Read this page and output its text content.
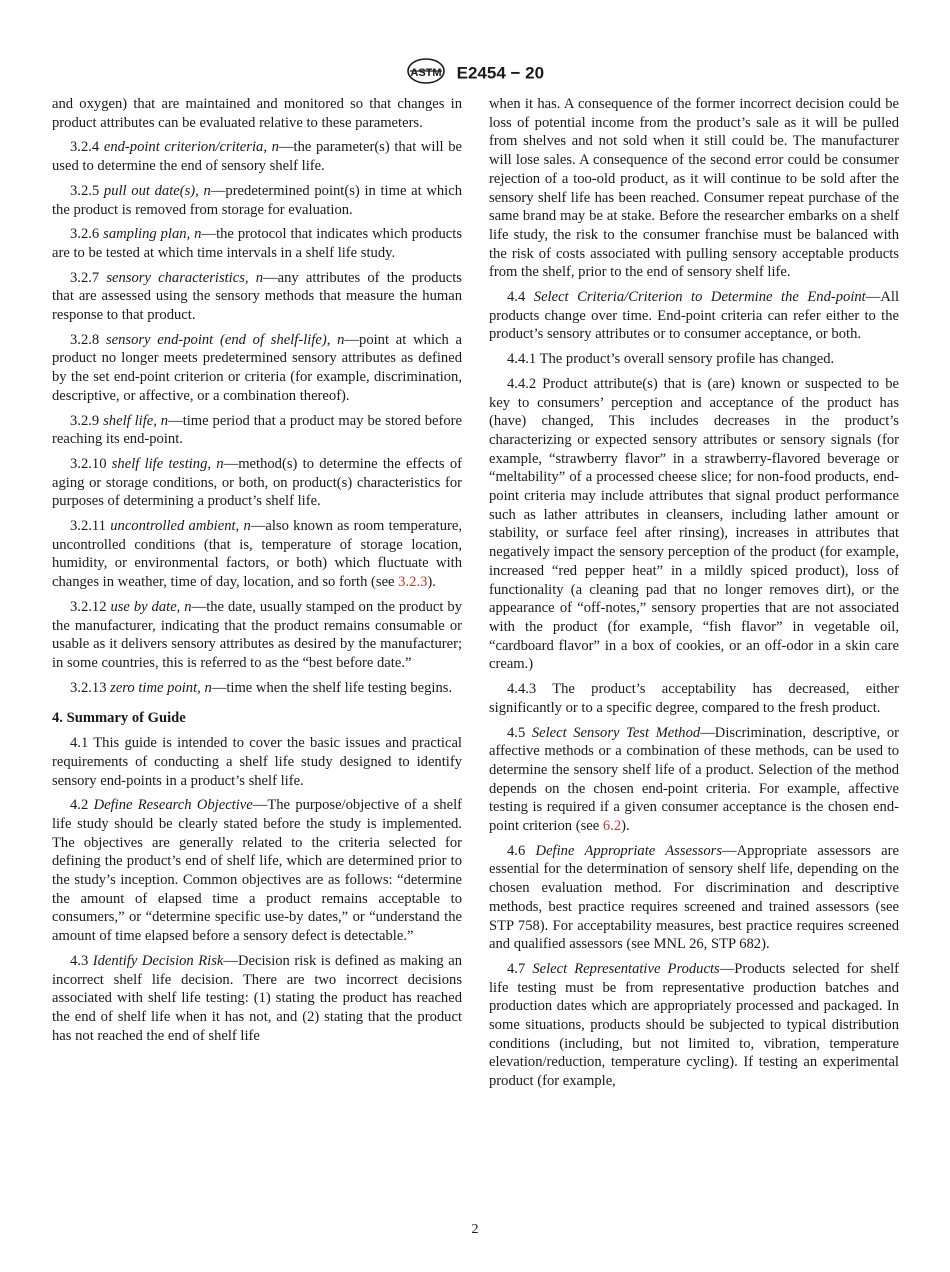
ASTM E2454 − 20

and oxygen) that are maintained and monitored so that changes in product attributes can be evaluated relative to these parameters.

3.2.4 end-point criterion/criteria, n—the parameter(s) that will be used to determine the end of sensory shelf life.

3.2.5 pull out date(s), n—predetermined point(s) in time at which the product is removed from storage for evaluation.

3.2.6 sampling plan, n—the protocol that indicates which products are to be tested at which time intervals in a shelf life study.

3.2.7 sensory characteristics, n—any attributes of the products that are assessed using the sensory methods that measure the human response to that product.

3.2.8 sensory end-point (end of shelf-life), n—point at which a product no longer meets predetermined sensory attributes as defined by the set end-point criterion or criteria (for example, discrimination, descriptive, or affective, or a combination thereof).

3.2.9 shelf life, n—time period that a product may be stored before reaching its end-point.

3.2.10 shelf life testing, n—method(s) to determine the effects of aging or storage conditions, or both, on product(s) characteristics for purposes of determining a product’s shelf life.

3.2.11 uncontrolled ambient, n—also known as room temperature, uncontrolled conditions (that is, temperature of storage location, humidity, or environmental factors, or both) which fluctuate with changes in weather, time of day, location, and so forth (see 3.2.3).

3.2.12 use by date, n—the date, usually stamped on the product by the manufacturer, indicating that the product remains consumable or usable as it delivers sensory attributes as desired by the manufacturer; in some countries, this is referred to as the “best before date.”

3.2.13 zero time point, n—time when the shelf life testing begins.

4. Summary of Guide

4.1 This guide is intended to cover the basic issues and practical requirements of conducting a shelf life study designed to identify sensory end-points in a product’s shelf life.

4.2 Define Research Objective—The purpose/objective of a shelf life study should be clearly stated before the study is implemented. The objectives are generally related to the criteria selected for defining the product’s end of shelf life, which are determined prior to the study’s inception. Common objectives are as follows: “determine the amount of elapsed time a product remains acceptable to consumers,” or “determine specific use-by dates,” or “understand the amount of time elapsed before a sensory defect is detectable.”

4.3 Identify Decision Risk—Decision risk is defined as making an incorrect shelf life decision. There are two incorrect decisions associated with shelf life testing: (1) stating the product has reached the end of shelf life when it has not, and (2) stating that the product has not reached the end of shelf life

when it has. A consequence of the former incorrect decision could be loss of potential income from the product’s sale as it will be pulled from shelves and not sold when it still could be. The manufacturer will lose sales. A consequence of the second error could be consumer rejection of a too-old product, as it will continue to be sold after the sensory shelf life has been reached. Consumer repeat purchase of the same brand may be at stake. Before the researcher embarks on a shelf life study, the risk to the consumer franchise must be balanced with the risk of costs associated with pulling sensory acceptable products from the shelf, prior to the end of sensory shelf life.

4.4 Select Criteria/Criterion to Determine the End-point—All products change over time. End-point criteria can refer either to the product’s sensory attributes or to consumer acceptance, or both.

4.4.1 The product’s overall sensory profile has changed.

4.4.2 Product attribute(s) that is (are) known or suspected to be key to consumers’ perception and acceptance of the product has (have) changed, This includes decreases in the product’s characterizing or expected sensory attributes or sensory signals (for example, “strawberry flavor” in a strawberry-flavored beverage or “meltability” of a processed cheese slice; for non-food products, end-point criteria may include attributes that signal product performance such as lather attributes in cleansers, including lather amount or stability, or surface feel after rinsing), increases in attributes that negatively impact the sensory perception of the product (for example, increased “red pepper heat” in a mildly spiced product), loss of functionality (a cleaning pad that no longer removes dirt), or the appearance of “off-notes,” sensory properties that are not associated with the product (for example, “fish flavor” in vegetable oil, “cardboard flavor” in a box of cookies, or an off-odor in a skin care cream.)

4.4.3 The product’s acceptability has decreased, either significantly or to a specific degree, compared to the fresh product.

4.5 Select Sensory Test Method—Discrimination, descriptive, or affective methods or a combination of these methods, can be used to determine the sensory shelf life of a product. Selection of the method depends on the chosen end-point criteria. For example, affective testing is required if a given consumer acceptance is the chosen end-point criterion (see 6.2).

4.6 Define Appropriate Assessors—Appropriate assessors are essential for the determination of sensory shelf life, depending on the chosen evaluation method. For discrimination and descriptive methods, best practice requires screened and trained assessors (see STP 758). For acceptability measures, best practice requires screened and qualified assessors (see MNL 26, STP 682).

4.7 Select Representative Products—Products selected for shelf life testing must be from representative production batches and production dates which are appropriately processed and packaged. In some situations, products should be subjected to typical distribution conditions (including, but not limited to, vibration, temperature elevation/reduction, temperature cycling). If testing an experimental product (for example,

2
